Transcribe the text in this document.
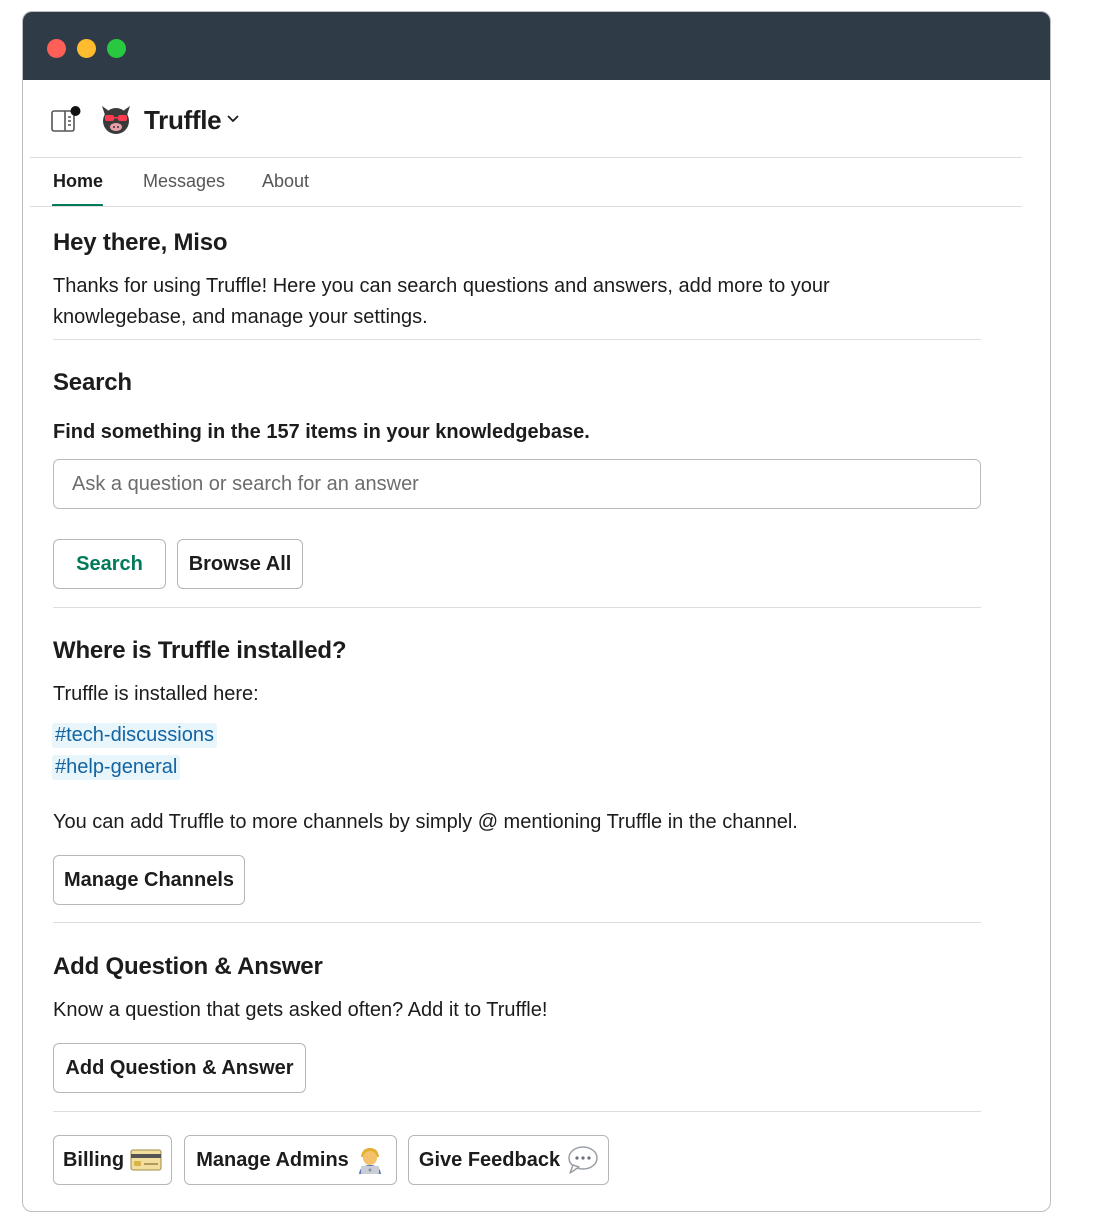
Truffle
Home Messages About
Hey there, Miso

Thanks for using Truffle! Here you can search questions and answers, add more to your

knowlegebase, and manage your settings.

Search

Find something in the 157 items in your knowledgebase.

Ask a question or search for an answer
Search	Browse All
Where is Truffle installed?

Truffle is installed here:

#tech-discussions
#help-general

You can add Truffle to more channels by simply @ mentioning Truffle in the channel.

Manage Channels
Add Question & Answer

Know a question that gets asked often? Add it to Truffle!

Add Question & Answer
Billing	Manage Admins	Give Feedback
